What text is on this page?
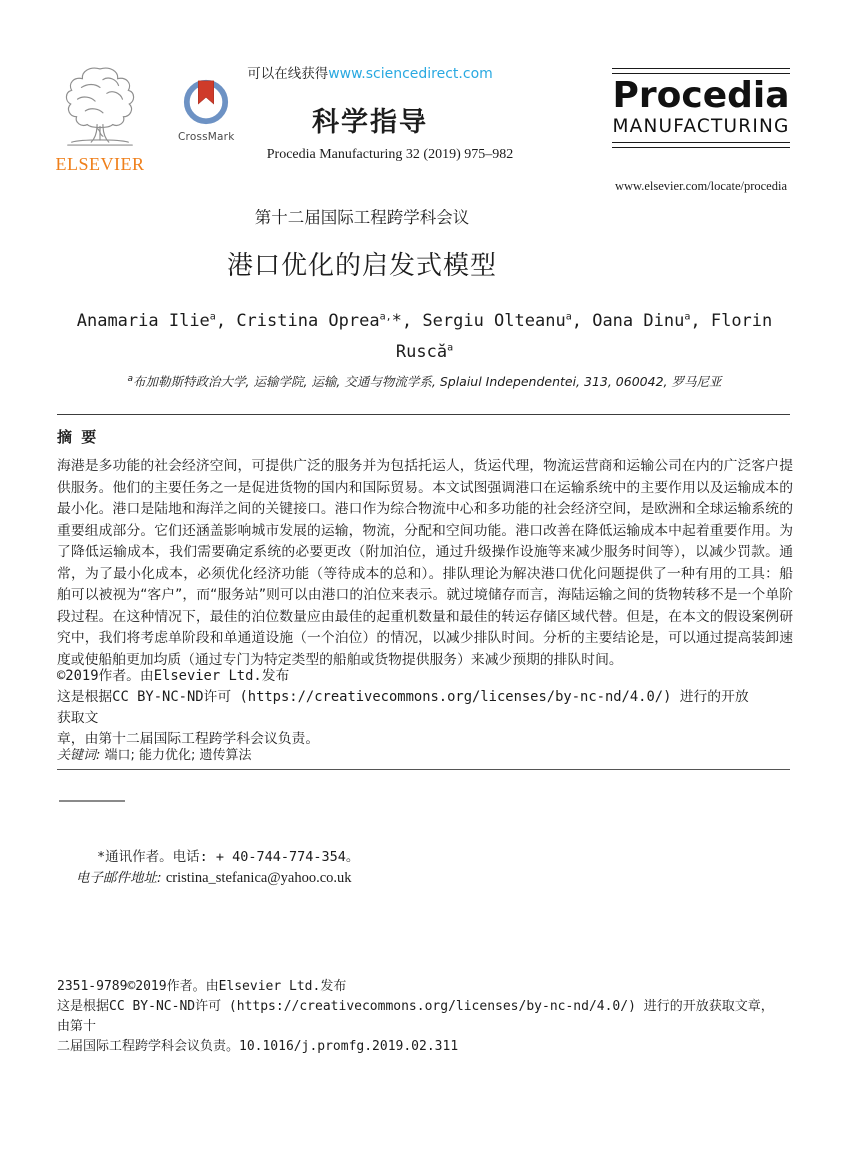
ELSEVIER
CrossMark
可以在线获得www.sciencedirect.com
科学指导
Procedia Manufacturing 32 (2019) 975–982
Procedia
MANUFACTURING
www.elsevier.com/locate/procedia
第十二届国际工程跨学科会议
港口优化的启发式模型
Anamaria Ilie$^a$, Cristina Oprea$^{a,}$*, Sergiu Olteanu$^a$, Oana Dinu$^a$, Florin Ruscă$^a$
$^a$布加勒斯特政治大学, 运输学院, 运输, 交通与物流学系, Splaiul Independentei, 313, 060042, 罗马尼亚
摘 要
海港是多功能的社会经济空间，可提供广泛的服务并为包括托运人，货运代理，物流运营商和运输公司在内的广泛客户提供服务。他们的主要任务之一是促进货物的国内和国际贸易。本文试图强调港口在运输系统中的主要作用以及运输成本的最小化。港口是陆地和海洋之间的关键接口。港口作为综合物流中心和多功能的社会经济空间，是欧洲和全球运输系统的重要组成部分。它们还涵盖影响城市发展的运输，物流，分配和空间功能。港口改善在降低运输成本中起着重要作用。为了降低运输成本，我们需要确定系统的必要更改（附加泊位，通过升级操作设施等来减少服务时间等），以减少罚款。通常，为了最小化成本，必须优化经济功能（等待成本的总和）。排队理论为解决港口优化问题提供了一种有用的工具：船舶可以被视为“客户”，而“服务站”则可以由港口的泊位来表示。就过境储存而言，海陆运输之间的货物转移不是一个单阶段过程。在这种情况下，最佳的泊位数量应由最佳的起重机数量和最佳的转运存储区域代替。但是，在本文的假设案例研究中，我们将考虑单阶段和单通道设施（一个泊位）的情况，以减少排队时间。分析的主要结论是，可以通过提高装卸速度或使船舶更加均质（通过专门为特定类型的船舶或货物提供服务）来减少预期的排队时间。
©2019作者。由Elsevier Ltd.发布
这是根据CC BY-NC-ND许可 (https://creativecommons.org/licenses/by-nc-nd/4.0/) 进行的开放获取文
章，由第十二届国际工程跨学科会议负责。
关键词: 端口; 能力优化; 遗传算法
*通讯作者。电话: + 40-744-774-354。
电子邮件地址: cristina_stefanica@yahoo.co.uk
2351-9789©2019作者。由Elsevier Ltd.发布
这是根据CC BY-NC-ND许可 (https://creativecommons.org/licenses/by-nc-nd/4.0/) 进行的开放获取文章，由第十
二届国际工程跨学科会议负责。10.1016/j.promfg.2019.02.311
